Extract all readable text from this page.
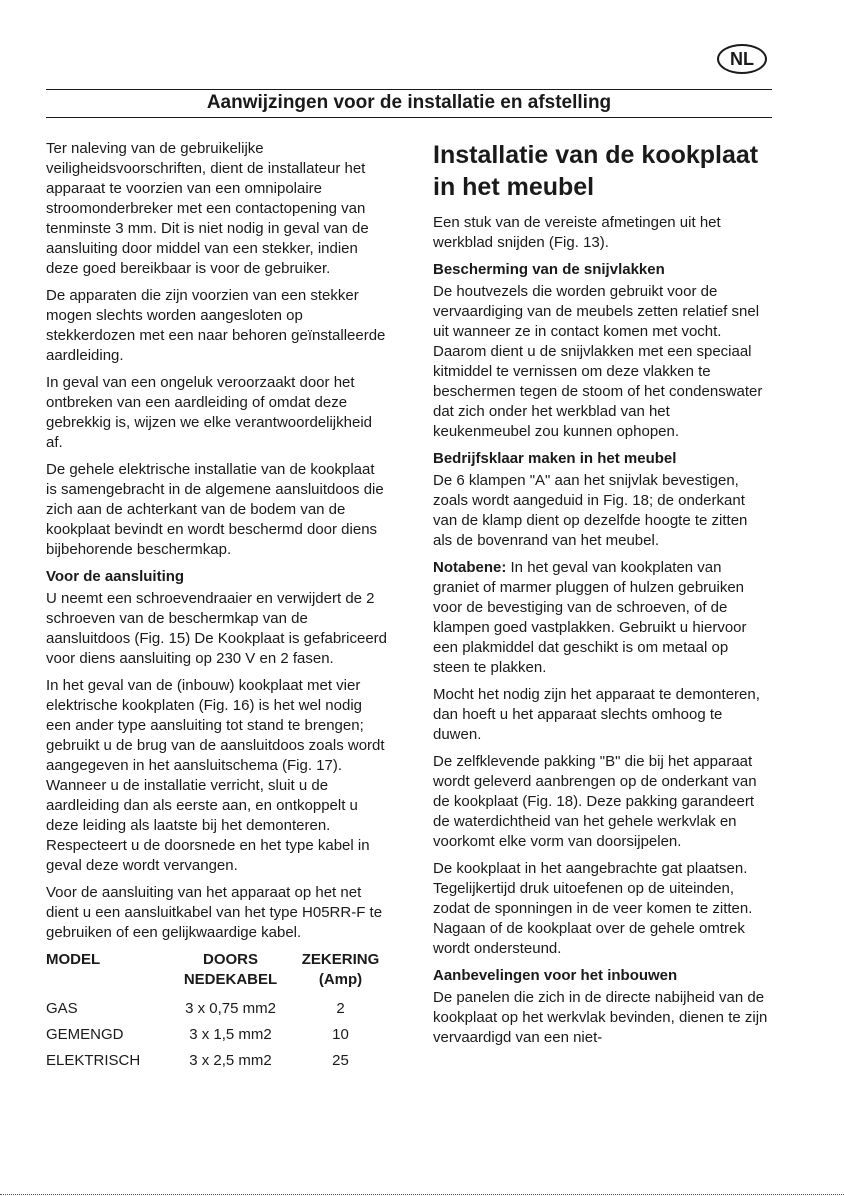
NL
Aanwijzingen voor de installatie en afstelling

Ter naleving van de gebruikelijke veiligheidsvoorschriften, dient de installateur het apparaat te voorzien van een omnipolaire stroomonderbreker met een contactopening van tenminste 3 mm. Dit is niet nodig in geval van de aansluiting door middel van een stekker, indien deze goed bereikbaar is voor de gebruiker.

De apparaten die zijn voorzien van een stekker mogen slechts worden aangesloten op stekkerdozen met een naar behoren geïnstalleerde aardleiding.

In geval van een ongeluk veroorzaakt door het ontbreken van een aardleiding of omdat deze gebrekkig is, wijzen we elke verantwoordelijkheid af.

De gehele elektrische installatie van de kookplaat is samengebracht in de algemene aansluitdoos die zich aan de achterkant van de bodem van de kookplaat bevindt en wordt beschermd door diens bijbehorende beschermkap.

Voor de aansluiting

U neemt een schroevendraaier en verwijdert de 2 schroeven van de beschermkap van de aansluitdoos (Fig. 15) De Kookplaat is gefabriceerd voor diens aansluiting op 230 V en 2 fasen.

In het geval van de (inbouw) kookplaat met vier elektrische kookplaten (Fig. 16) is het wel nodig een ander type aansluiting tot stand te brengen; gebruikt u de brug van de aansluitdoos zoals wordt aangegeven in het aansluitschema (Fig. 17). Wanneer u de installatie verricht, sluit u de aardleiding dan als eerste aan, en ontkoppelt u deze leiding als laatste bij het demonteren. Respecteert u de doorsnede en het type kabel in geval deze wordt vervangen.

Voor de aansluiting van het apparaat op het net dient u een aansluitkabel van het type H05RR-F te gebruiken of een gelijkwaardige kabel.

MODEL	DOORS NEDEKABEL	ZEKERING (Amp)
GAS	3 x 0,75 mm2	2
GEMENGD	3 x 1,5 mm2	10
ELEKTRISCH	3 x 2,5 mm2	25
Installatie van de kookplaat in het meubel

Een stuk van de vereiste afmetingen uit het werkblad snijden (Fig. 13).

Bescherming van de snijvlakken

De houtvezels die worden gebruikt voor de vervaardiging van de meubels zetten relatief snel uit wanneer ze in contact komen met vocht. Daarom dient u de snijvlakken met een speciaal kitmiddel te vernissen om deze vlakken te beschermen tegen de stoom of het condenswater dat zich onder het werkblad van het keukenmeubel zou kunnen ophopen.

Bedrijfsklaar maken in het meubel

De 6 klampen "A" aan het snijvlak bevestigen, zoals wordt aangeduid in Fig. 18; de onderkant van de klamp dient op dezelfde hoogte te zitten als de bovenrand van het meubel.

Notabene: In het geval van kookplaten van graniet of marmer pluggen of hulzen gebruiken voor de bevestiging van de schroeven, of de klampen goed vastplakken. Gebruikt u hiervoor een plakmiddel dat geschikt is om metaal op steen te plakken.

Mocht het nodig zijn het apparaat te demonteren, dan hoeft u het apparaat slechts omhoog te duwen.

De zelfklevende pakking "B" die bij het apparaat wordt geleverd aanbrengen op de onderkant van de kookplaat (Fig. 18). Deze pakking garandeert de waterdichtheid van het gehele werkvlak en voorkomt elke vorm van doorsijpelen.

De kookplaat in het aangebrachte gat plaatsen. Tegelijkertijd druk uitoefenen op de uiteinden, zodat de sponningen in de veer komen te zitten. Nagaan of de kookplaat over de gehele omtrek wordt ondersteund.

Aanbevelingen voor het inbouwen

De panelen die zich in de directe nabijheid van de kookplaat op het werkvlak bevinden, dienen te zijn vervaardigd van een niet-
